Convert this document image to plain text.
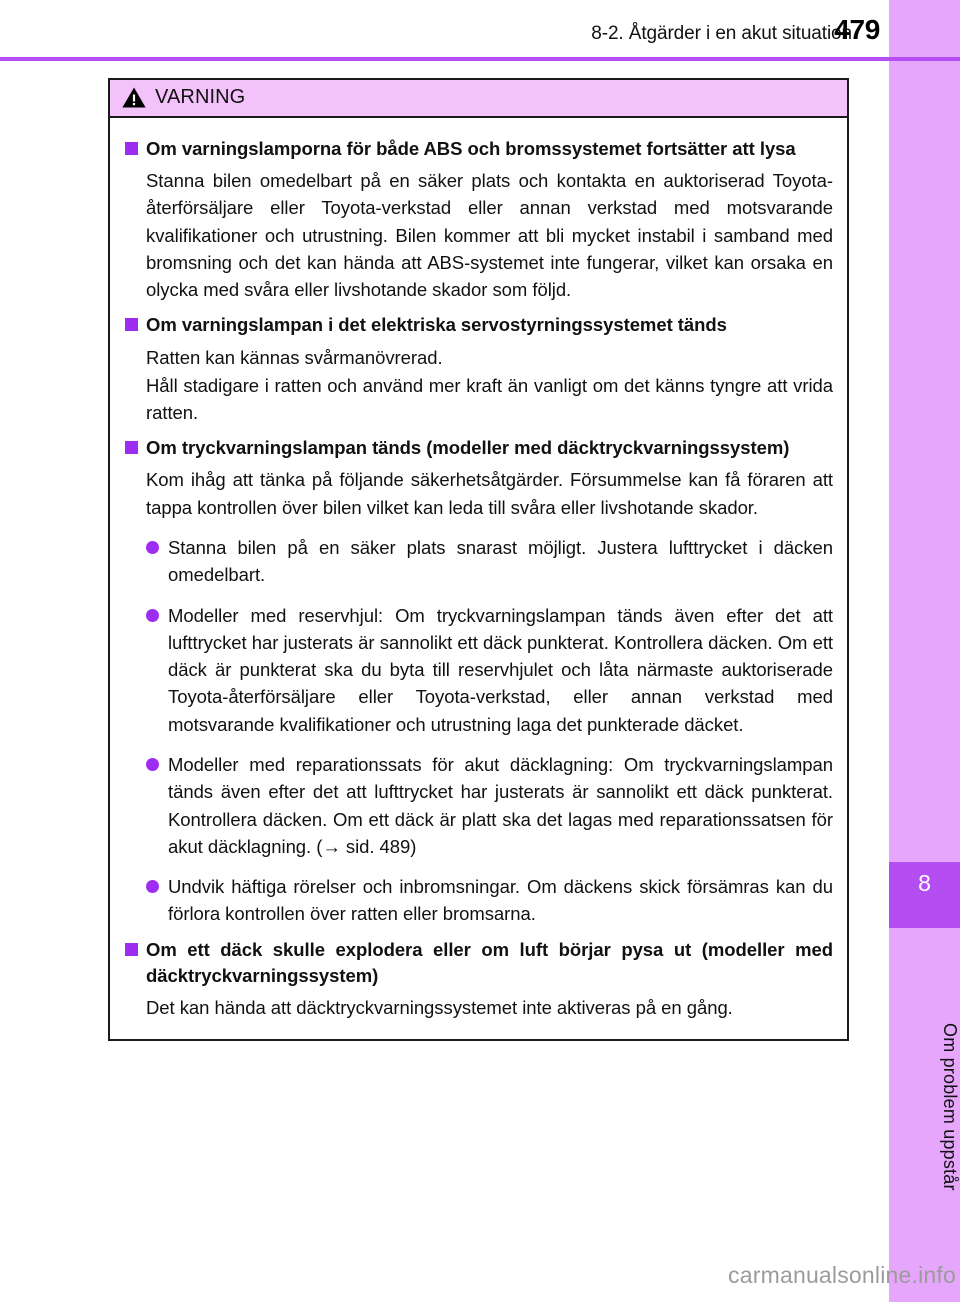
8
Om problem uppstår
8-2. Åtgärder i en akut situation
479
VARNING
Om varningslamporna för både ABS och bromssystemet fortsätter att lysa
Stanna bilen omedelbart på en säker plats och kontakta en auktoriserad Toyota-återförsäljare eller Toyota-verkstad eller annan verkstad med motsvarande kvalifikationer och utrustning. Bilen kommer att bli mycket instabil i samband med bromsning och det kan hända att ABS-systemet inte fungerar, vilket kan orsaka en olycka med svåra eller livshotande skador som följd.
Om varningslampan i det elektriska servostyrningssystemet tänds
Ratten kan kännas svårmanövrerad.
Håll stadigare i ratten och använd mer kraft än vanligt om det känns tyngre att vrida ratten.
Om tryckvarningslampan tänds (modeller med däcktryckvarningssystem)
Kom ihåg att tänka på följande säkerhetsåtgärder. Försummelse kan få föraren att tappa kontrollen över bilen vilket kan leda till svåra eller livshotande skador.
Stanna bilen på en säker plats snarast möjligt. Justera lufttrycket i däcken omedelbart.
Modeller med reservhjul: Om tryckvarningslampan tänds även efter det att lufttrycket har justerats är sannolikt ett däck punkterat. Kontrollera däcken. Om ett däck är punkterat ska du byta till reservhjulet och låta närmaste auktoriserade Toyota-återförsäljare eller Toyota-verkstad, eller annan verkstad med motsvarande kvalifikationer och utrustning laga det punkterade däcket.
Modeller med reparationssats för akut däcklagning: Om tryckvarningslampan tänds även efter det att lufttrycket har justerats är sannolikt ett däck punkterat. Kontrollera däcken. Om ett däck är platt ska det lagas med reparationssatsen för akut däcklagning. (→ sid. 489)
Undvik häftiga rörelser och inbromsningar. Om däckens skick försämras kan du förlora kontrollen över ratten eller bromsarna.
Om ett däck skulle explodera eller om luft börjar pysa ut (modeller med däcktryckvarningssystem)
Det kan hända att däcktryckvarningssystemet inte aktiveras på en gång.
carmanualsonline.info
